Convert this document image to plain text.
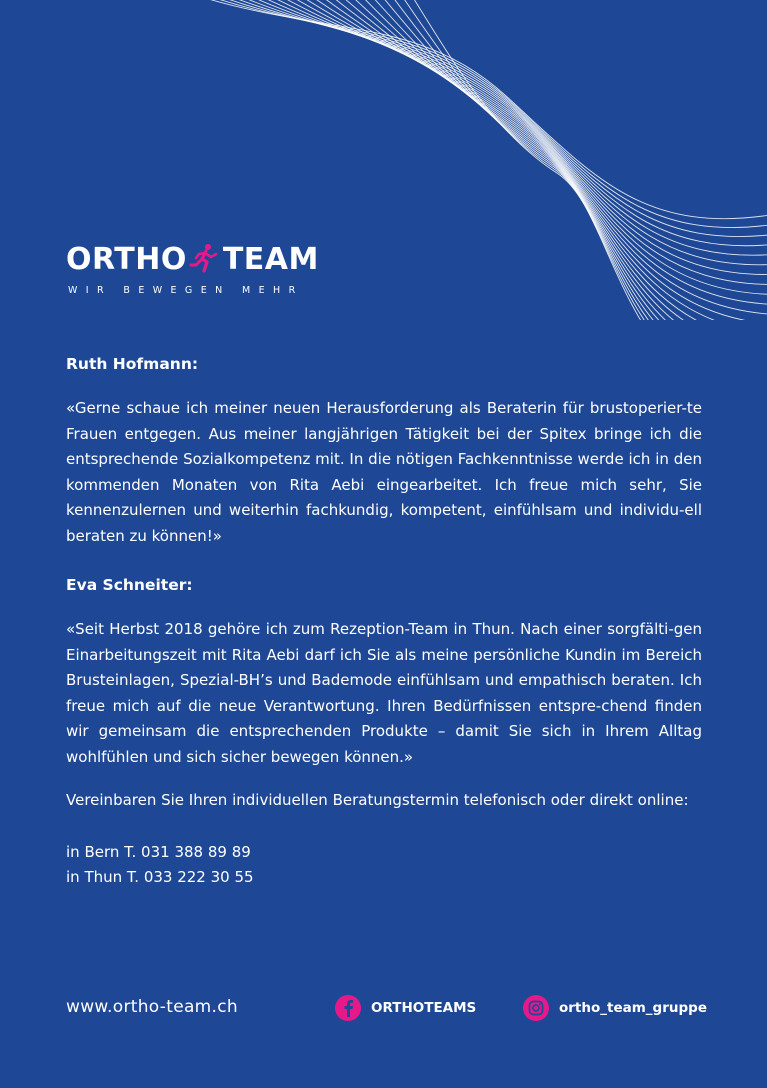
ORTHO TEAM
WIR BEWEGEN MEHR
Ruth Hofmann:

«Gerne schaue ich meiner neuen Herausforderung als Beraterin für brustoperier-te Frauen entgegen. Aus meiner langjährigen Tätigkeit bei der Spitex bringe ich die entsprechende Sozialkompetenz mit. In die nötigen Fachkenntnisse werde ich in den kommenden Monaten von Rita Aebi eingearbeitet. Ich freue mich sehr, Sie kennenzulernen und weiterhin fachkundig, kompetent, einfühlsam und individu-ell beraten zu können!»

Eva Schneiter:

«Seit Herbst 2018 gehöre ich zum Rezeption-Team in Thun. Nach einer sorgfälti-gen Einarbeitungszeit mit Rita Aebi darf ich Sie als meine persönliche Kundin im Bereich Brusteinlagen, Spezial-BH’s und Bademode einfühlsam und empathisch beraten. Ich freue mich auf die neue Verantwortung. Ihren Bedürfnissen entspre-chend finden wir gemeinsam die entsprechenden Produkte – damit Sie sich in Ihrem Alltag wohlfühlen und sich sicher bewegen können.»

Vereinbaren Sie Ihren individuellen Beratungstermin telefonisch oder direkt online:

in Bern T. 031 388 89 89
in Thun T. 033 222 30 55
www.ortho-team.ch	ORTHOTEAMS	ortho_team_gruppe
